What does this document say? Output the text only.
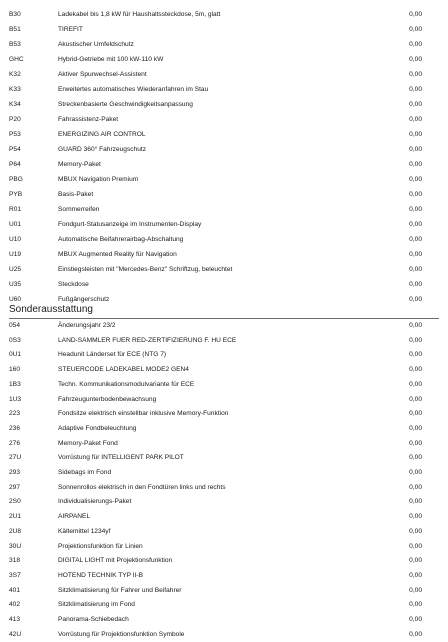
B30	Ladekabel bis 1,8 kW für Haushaltssteckdose, 5m, glatt	0,00
B51	TIREFIT	0,00
B53	Akustischer Umfeldschutz	0,00
GHC	Hybrid-Getriebe mit 100 kW-110 kW	0,00
K32	Aktiver Spurwechsel-Assistent	0,00
K33	Erweitertes automatisches Wiederanfahren im Stau	0,00
K34	Streckenbasierte Geschwindigkeitsanpassung	0,00
P20	Fahrassistenz-Paket	0,00
P53	ENERGIZING AIR CONTROL	0,00
P54	GUARD 360° Fahrzeugschutz	0,00
P64	Memory-Paket	0,00
PBG	MBUX Navigation Premium	0,00
PYB	Basis-Paket	0,00
R01	Sommerreifen	0,00
U01	Fondgurt-Statusanzeige im Instrumenten-Display	0,00
U10	Automatische Beifahrerairbag-Abschaltung	0,00
U19	MBUX Augmented Reality für Navigation	0,00
U25	Einstiegsleisten mit "Mercedes-Benz" Schriftzug, beleuchtet	0,00
U35	Steckdose	0,00
U60	Fußgängerschutz	0,00
Sonderausstattung
054	Änderungsjahr 23/2	0,00
0S3	LAND-SAMMLER FUER RED-ZERTIFIZIERUNG F. HU ECE	0,00
0U1	Headunit Länderset für ECE (NTG 7)	0,00
160	STEUERCODE LADEKABEL MODE2 GEN4	0,00
1B3	Techn. Kommunikationsmodulvariante für ECE	0,00
1U3	Fahrzeugunterbodenbewachsung	0,00
223	Fondsitze elektrisch einstellbar inklusive Memory-Funktion	0,00
236	Adaptive Fondbeleuchtung	0,00
276	Memory-Paket Fond	0,00
27U	Vorrüstung für INTELLIGENT PARK PILOT	0,00
293	Sidebags im Fond	0,00
297	Sonnenrollos elektrisch in den Fondtüren links und rechts	0,00
2S0	Individualisierungs-Paket	0,00
2U1	AIRPANEL	0,00
2U8	Kältemittel 1234yf	0,00
30U	Projektionsfunktion für Linien	0,00
318	DIGITAL LIGHT mit Projektionsfunktion	0,00
3S7	HOTEND TECHNIK TYP II-B	0,00
401	Sitzklimatisierung für Fahrer und Beifahrer	0,00
402	Sitzklimatisierung im Fond	0,00
413	Panorama-Schiebedach	0,00
42U	Vorrüstung für Projektionsfunktion Symbole	0,00
